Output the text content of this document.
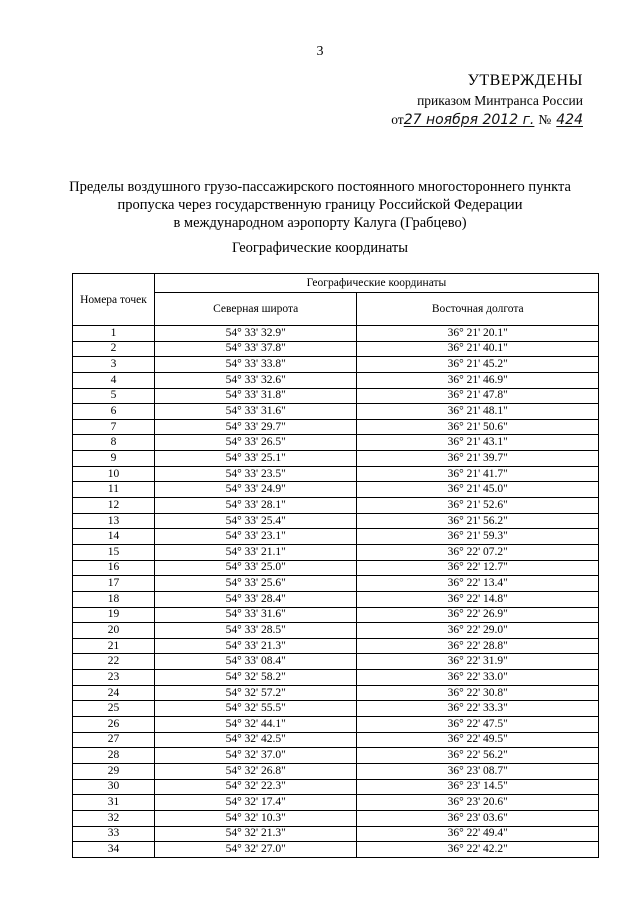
3
УТВЕРЖДЕНЫ
приказом Минтранса России
от 27 ноября 2012 г. № 424
Пределы воздушного грузо-пассажирского постоянного многостороннего пункта
пропуска через государственную границу Российской Федерации
в международном аэропорту Калуга (Грабцево)
Географические координаты
Номера точек	Географические координаты	
	Северная широта	Восточная долгота
1	54° 33' 32.9"	36° 21' 20.1"
2	54° 33' 37.8"	36° 21' 40.1"
3	54° 33' 33.8"	36° 21' 45.2"
4	54° 33' 32.6"	36° 21' 46.9"
5	54° 33' 31.8"	36° 21' 47.8"
6	54° 33' 31.6"	36° 21' 48.1"
7	54° 33' 29.7"	36° 21' 50.6"
8	54° 33' 26.5"	36° 21' 43.1"
9	54° 33' 25.1"	36° 21' 39.7"
10	54° 33' 23.5"	36° 21' 41.7"
11	54° 33' 24.9"	36° 21' 45.0"
12	54° 33' 28.1"	36° 21' 52.6"
13	54° 33' 25.4"	36° 21' 56.2"
14	54° 33' 23.1"	36° 21' 59.3"
15	54° 33' 21.1"	36° 22' 07.2"
16	54° 33' 25.0"	36° 22' 12.7"
17	54° 33' 25.6"	36° 22' 13.4"
18	54° 33' 28.4"	36° 22' 14.8"
19	54° 33' 31.6"	36° 22' 26.9"
20	54° 33' 28.5"	36° 22' 29.0"
21	54° 33' 21.3"	36° 22' 28.8"
22	54° 33' 08.4"	36° 22' 31.9"
23	54° 32' 58.2"	36° 22' 33.0"
24	54° 32' 57.2"	36° 22' 30.8"
25	54° 32' 55.5"	36° 22' 33.3"
26	54° 32' 44.1"	36° 22' 47.5"
27	54° 32' 42.5"	36° 22' 49.5"
28	54° 32' 37.0"	36° 22' 56.2"
29	54° 32' 26.8"	36° 23' 08.7"
30	54° 32' 22.3"	36° 23' 14.5"
31	54° 32' 17.4"	36° 23' 20.6"
32	54° 32' 10.3"	36° 23' 03.6"
33	54° 32' 21.3"	36° 22' 49.4"
34	54° 32' 27.0"	36° 22' 42.2"
